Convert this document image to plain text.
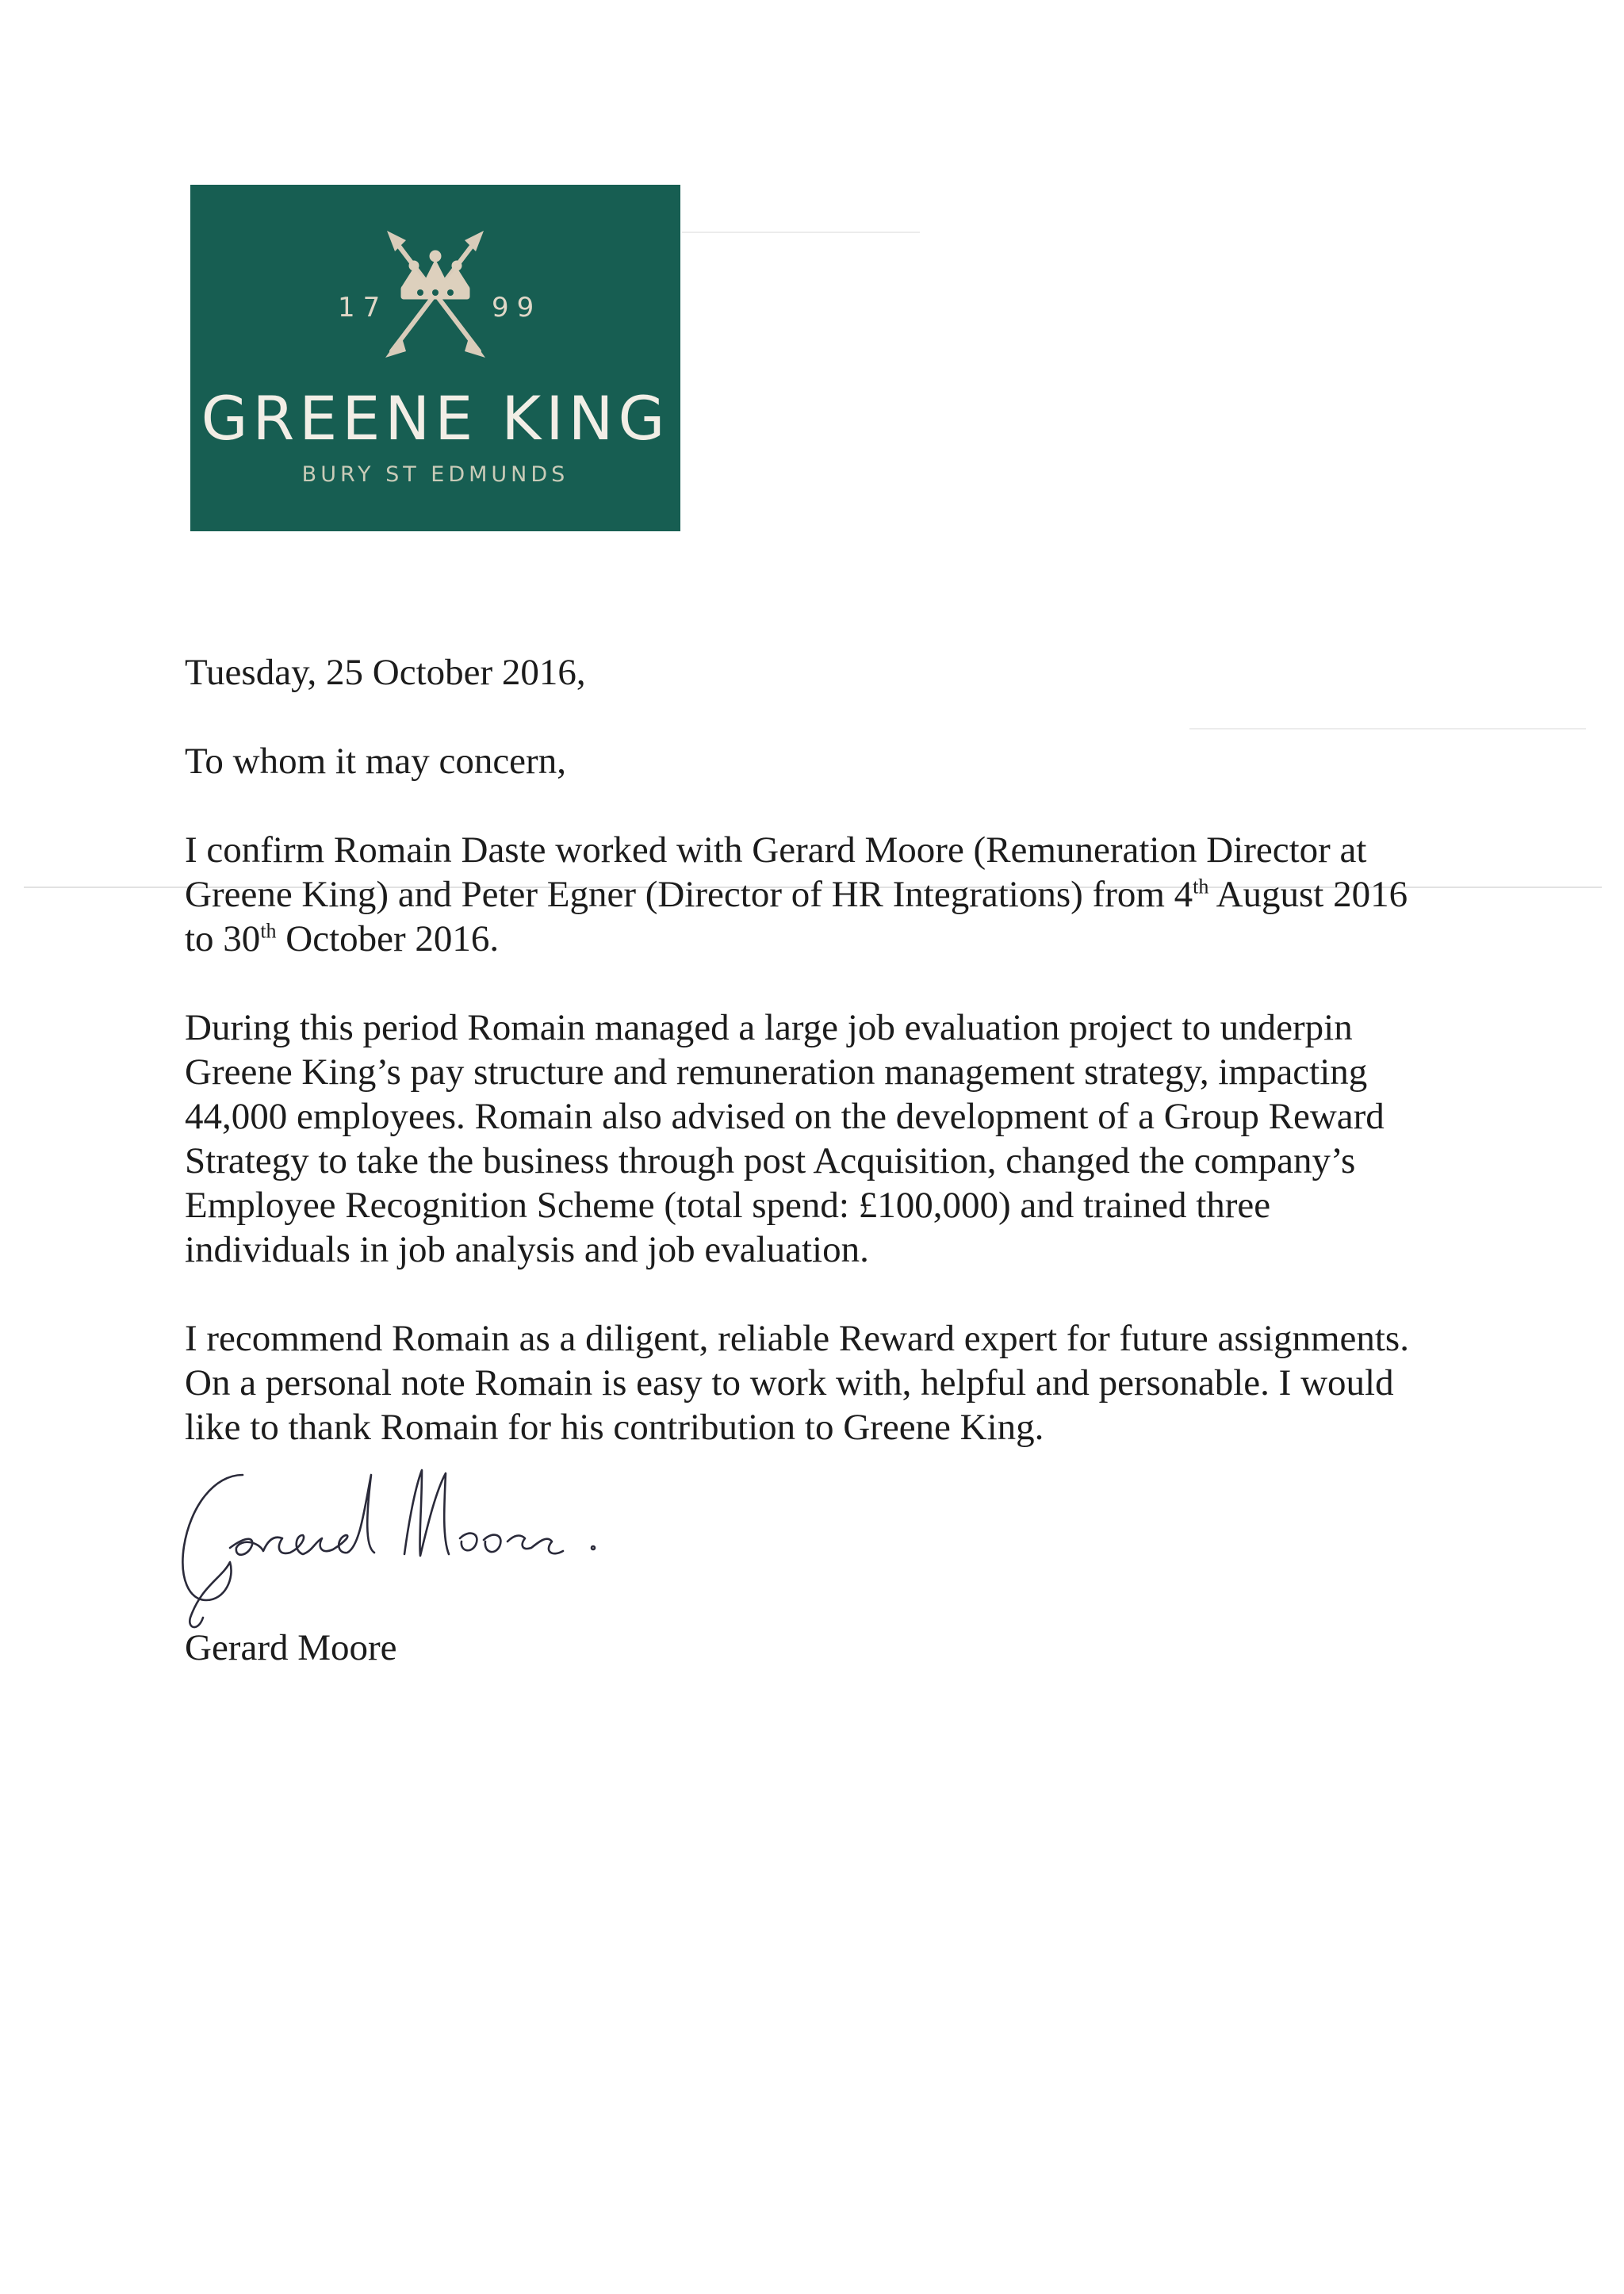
17	99
GREENE KING
BURY ST EDMUNDS

Tuesday, 25 October 2016,

To whom it may concern,

I confirm Romain Daste worked with Gerard Moore (Remuneration Director at Greene King) and Peter Egner (Director of HR Integrations) from 4th August 2016 to 30th October 2016.

During this period Romain managed a large job evaluation project to underpin Greene King’s pay structure and remuneration management strategy, impacting 44,000 employees. Romain also advised on the development of a Group Reward Strategy to take the business through post Acquisition, changed the company’s Employee Recognition Scheme (total spend: £100,000) and trained three individuals in job analysis and job evaluation.

I recommend Romain as a diligent, reliable Reward expert for future assignments. On a personal note Romain is easy to work with, helpful and personable. I would like to thank Romain for his contribution to Greene King.

Gerard Moore
